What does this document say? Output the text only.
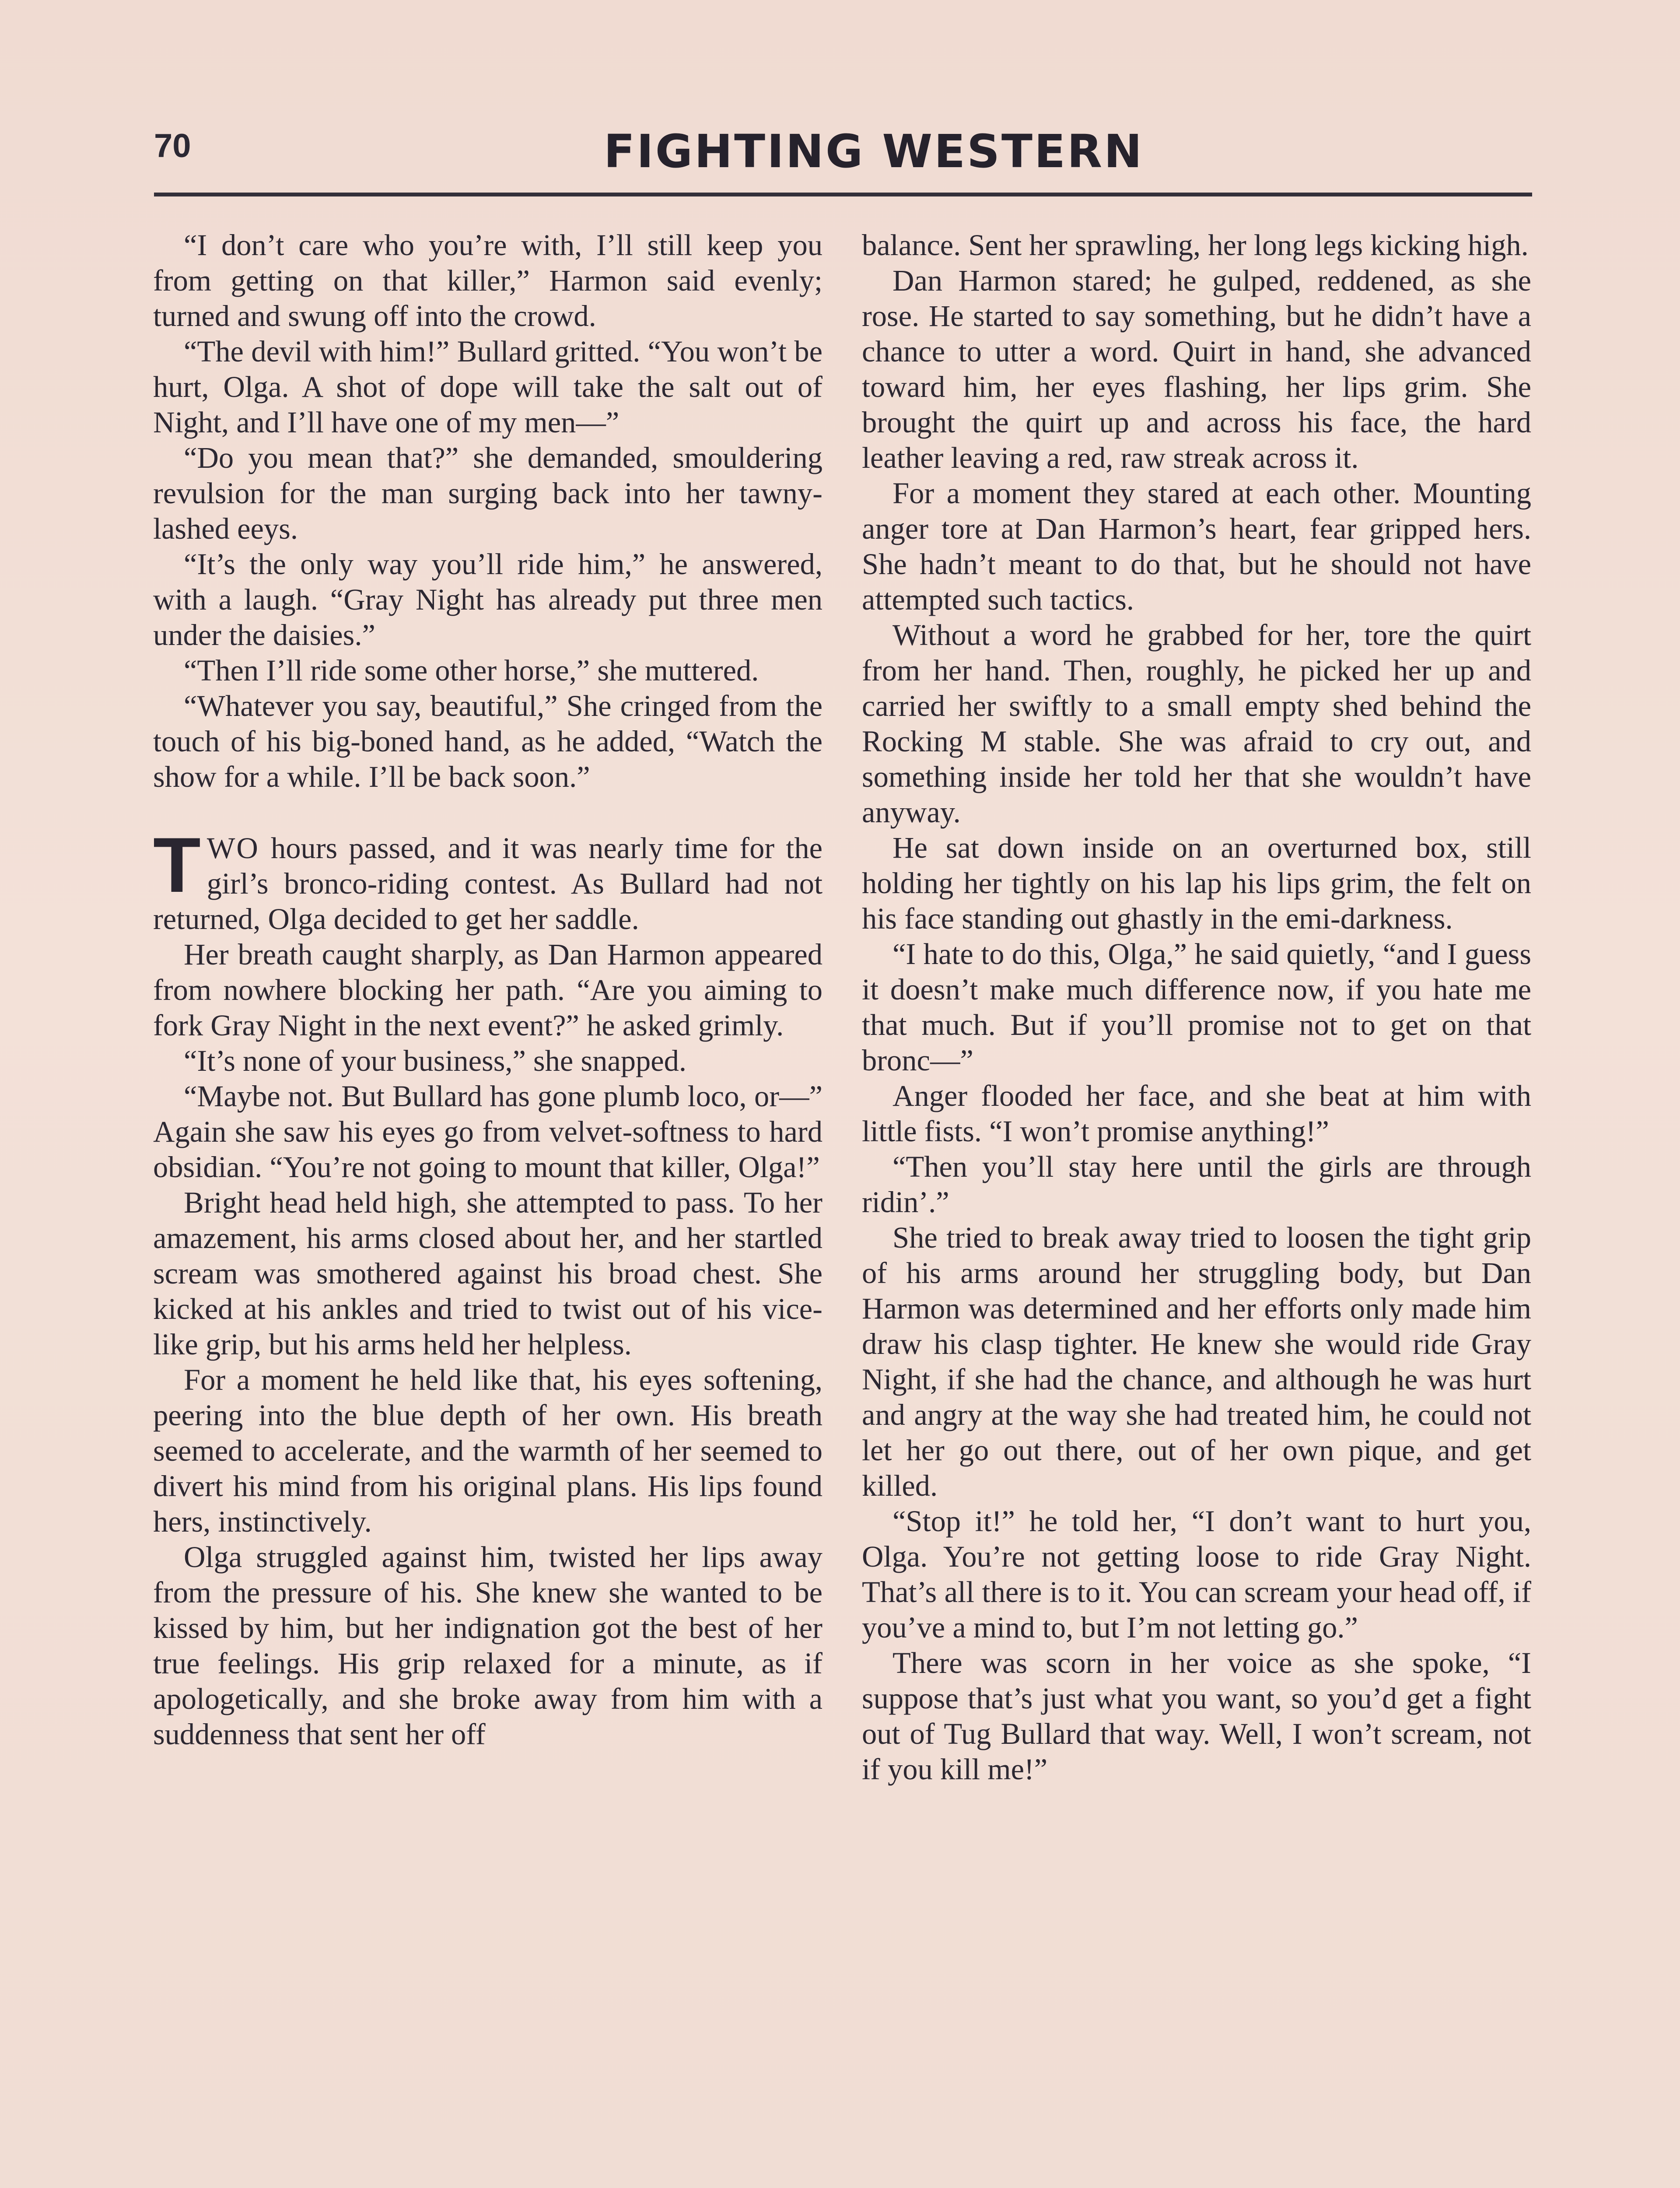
70	FIGHTING WESTERN

“I don’t care who you’re with, I’ll still keep you from getting on that killer,” Harmon said evenly; turned and swung off into the crowd.

“The devil with him!” Bullard gritted. “You won’t be hurt, Olga. A shot of dope will take the salt out of Night, and I’ll have one of my men—”

“Do you mean that?” she demanded, smouldering revulsion for the man surging back into her tawny-lashed eeys.

“It’s the only way you’ll ride him,” he answered, with a laugh. “Gray Night has already put three men under the daisies.”

“Then I’ll ride some other horse,” she muttered.

“Whatever you say, beautiful,” She cringed from the touch of his big-boned hand, as he added, “Watch the show for a while. I’ll be back soon.”

TWO hours passed, and it was nearly time for the girl’s bronco-riding contest. As Bullard had not returned, Olga decided to get her saddle.

Her breath caught sharply, as Dan Harmon appeared from nowhere blocking her path. “Are you aiming to fork Gray Night in the next event?” he asked grimly.

“It’s none of your business,” she snapped.

“Maybe not. But Bullard has gone plumb loco, or—” Again she saw his eyes go from velvet-softness to hard obsidian. “You’re not going to mount that killer, Olga!”

Bright head held high, she attempted to pass. To her amazement, his arms closed about her, and her startled scream was smothered against his broad chest. She kicked at his ankles and tried to twist out of his vice-like grip, but his arms held her helpless.

For a moment he held like that, his eyes softening, peering into the blue depth of her own. His breath seemed to accelerate, and the warmth of her seemed to divert his mind from his original plans. His lips found hers, instinctively.

Olga struggled against him, twisted her lips away from the pressure of his. She knew she wanted to be kissed by him, but her indignation got the best of her true feelings. His grip relaxed for a minute, as if apologetically, and she broke away from him with a suddenness that sent her off

balance. Sent her sprawling, her long legs kicking high.

Dan Harmon stared; he gulped, reddened, as she rose. He started to say something, but he didn’t have a chance to utter a word. Quirt in hand, she advanced toward him, her eyes flashing, her lips grim. She brought the quirt up and across his face, the hard leather leaving a red, raw streak across it.

For a moment they stared at each other. Mounting anger tore at Dan Harmon’s heart, fear gripped hers. She hadn’t meant to do that, but he should not have attempted such tactics.

Without a word he grabbed for her, tore the quirt from her hand. Then, roughly, he picked her up and carried her swiftly to a small empty shed behind the Rocking M stable. She was afraid to cry out, and something inside her told her that she wouldn’t have anyway.

He sat down inside on an overturned box, still holding her tightly on his lap his lips grim, the felt on his face standing out ghastly in the emi-darkness.

“I hate to do this, Olga,” he said quietly, “and I guess it doesn’t make much difference now, if you hate me that much. But if you’ll promise not to get on that bronc—”

Anger flooded her face, and she beat at him with little fists. “I won’t promise anything!”

“Then you’ll stay here until the girls are through ridin’.”

She tried to break away tried to loosen the tight grip of his arms around her struggling body, but Dan Harmon was determined and her efforts only made him draw his clasp tighter. He knew she would ride Gray Night, if she had the chance, and although he was hurt and angry at the way she had treated him, he could not let her go out there, out of her own pique, and get killed.

“Stop it!” he told her, “I don’t want to hurt you, Olga. You’re not getting loose to ride Gray Night. That’s all there is to it. You can scream your head off, if you’ve a mind to, but I’m not letting go.”

There was scorn in her voice as she spoke, “I suppose that’s just what you want, so you’d get a fight out of Tug Bullard that way. Well, I won’t scream, not if you kill me!”
